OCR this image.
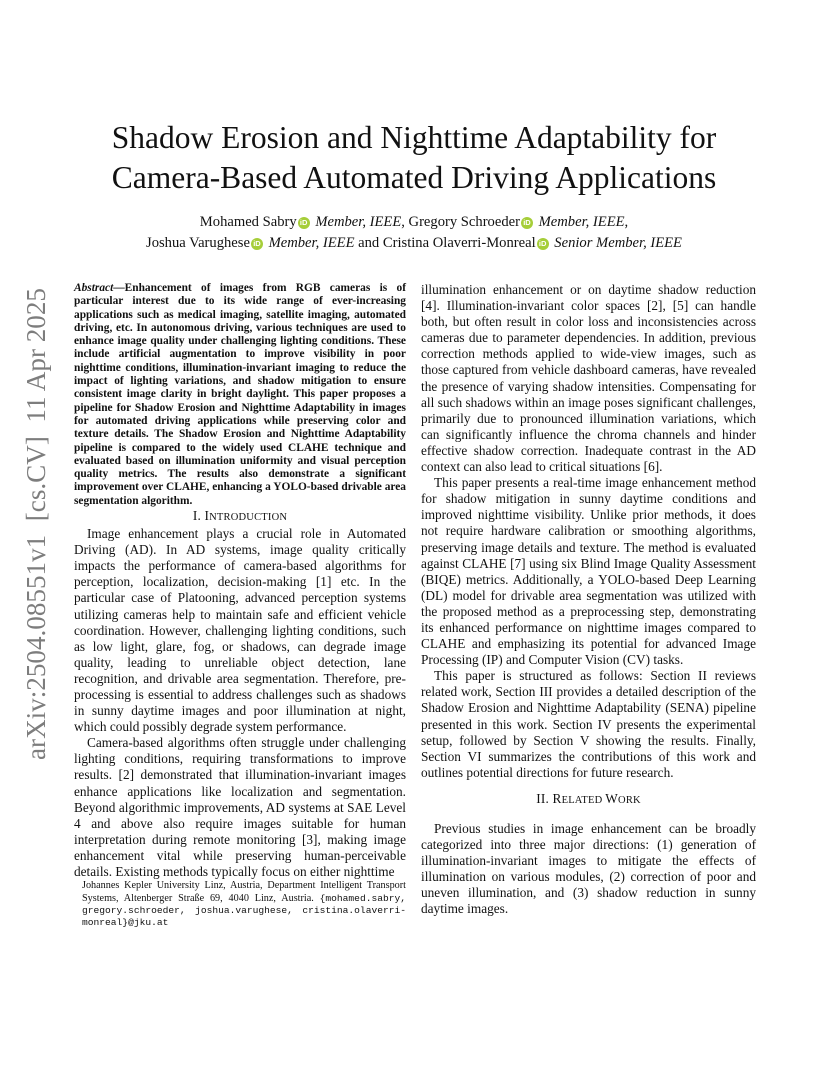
arXiv:2504.08551v1  [cs.CV]  11 Apr 2025
Shadow Erosion and Nighttime Adaptability for
Camera-Based Automated Driving Applications
Mohamed Sabry iD Member, IEEE, Gregory Schroeder iD Member, IEEE,
Joshua Varughese iD Member, IEEE and Cristina Olaverri-Monreal iD Senior Member, IEEE

Abstract—Enhancement of images from RGB cameras is of particular interest due to its wide range of ever-increasing applications such as medical imaging, satellite imaging, automated driving, etc. In autonomous driving, various techniques are used to enhance image quality under challenging lighting conditions. These include artificial augmentation to improve visibility in poor nighttime conditions, illumination-invariant imaging to reduce the impact of lighting variations, and shadow mitigation to ensure consistent image clarity in bright daylight. This paper proposes a pipeline for Shadow Erosion and Nighttime Adaptability in images for automated driving applications while preserving color and texture details. The Shadow Erosion and Nighttime Adaptability pipeline is compared to the widely used CLAHE technique and evaluated based on illumination uniformity and visual perception quality metrics. The results also demonstrate a significant improvement over CLAHE, enhancing a YOLO-based drivable area segmentation algorithm.

I. INTRODUCTION

Image enhancement plays a crucial role in Automated Driving (AD). In AD systems, image quality critically impacts the performance of camera-based algorithms for perception, localization, decision-making [1] etc. In the particular case of Platooning, advanced perception systems utilizing cameras help to maintain safe and efficient vehicle coordination. However, challenging lighting conditions, such as low light, glare, fog, or shadows, can degrade image quality, leading to unreliable object detection, lane recognition, and drivable area segmentation. Therefore, pre-processing is essential to address challenges such as shadows in sunny daytime images and poor illumination at night, which could possibly degrade system performance.

Camera-based algorithms often struggle under challenging lighting conditions, requiring transformations to improve results. [2] demonstrated that illumination-invariant images enhance applications like localization and segmentation. Beyond algorithmic improvements, AD systems at SAE Level 4 and above also require images suitable for human interpretation during remote monitoring [3], making image enhancement vital while preserving human-perceivable details. Existing methods typically focus on either nighttime

Johannes Kepler University Linz, Austria, Department Intelligent Transport Systems, Altenberger Straße 69, 4040 Linz, Austria. {mohamed.sabry, gregory.schroeder, joshua.varughese, cristina.olaverri-monreal}@jku.at

illumination enhancement or on daytime shadow reduction [4]. Illumination-invariant color spaces [2], [5] can handle both, but often result in color loss and inconsistencies across cameras due to parameter dependencies. In addition, previous correction methods applied to wide-view images, such as those captured from vehicle dashboard cameras, have revealed the presence of varying shadow intensities. Compensating for all such shadows within an image poses significant challenges, primarily due to pronounced illumination variations, which can significantly influence the chroma channels and hinder effective shadow correction. Inadequate contrast in the AD context can also lead to critical situations [6].

This paper presents a real-time image enhancement method for shadow mitigation in sunny daytime conditions and improved nighttime visibility. Unlike prior methods, it does not require hardware calibration or smoothing algorithms, preserving image details and texture. The method is evaluated against CLAHE [7] using six Blind Image Quality Assessment (BIQE) metrics. Additionally, a YOLO-based Deep Learning (DL) model for drivable area segmentation was utilized with the proposed method as a preprocessing step, demonstrating its enhanced performance on nighttime images compared to CLAHE and emphasizing its potential for advanced Image Processing (IP) and Computer Vision (CV) tasks.

This paper is structured as follows: Section II reviews related work, Section III provides a detailed description of the Shadow Erosion and Nighttime Adaptability (SENA) pipeline presented in this work. Section IV presents the experimental setup, followed by Section V showing the results. Finally, Section VI summarizes the contributions of this work and outlines potential directions for future research.

II. RELATED WORK

Previous studies in image enhancement can be broadly categorized into three major directions: (1) generation of illumination-invariant images to mitigate the effects of illumination on various modules, (2) correction of poor and uneven illumination, and (3) shadow reduction in sunny daytime images.
